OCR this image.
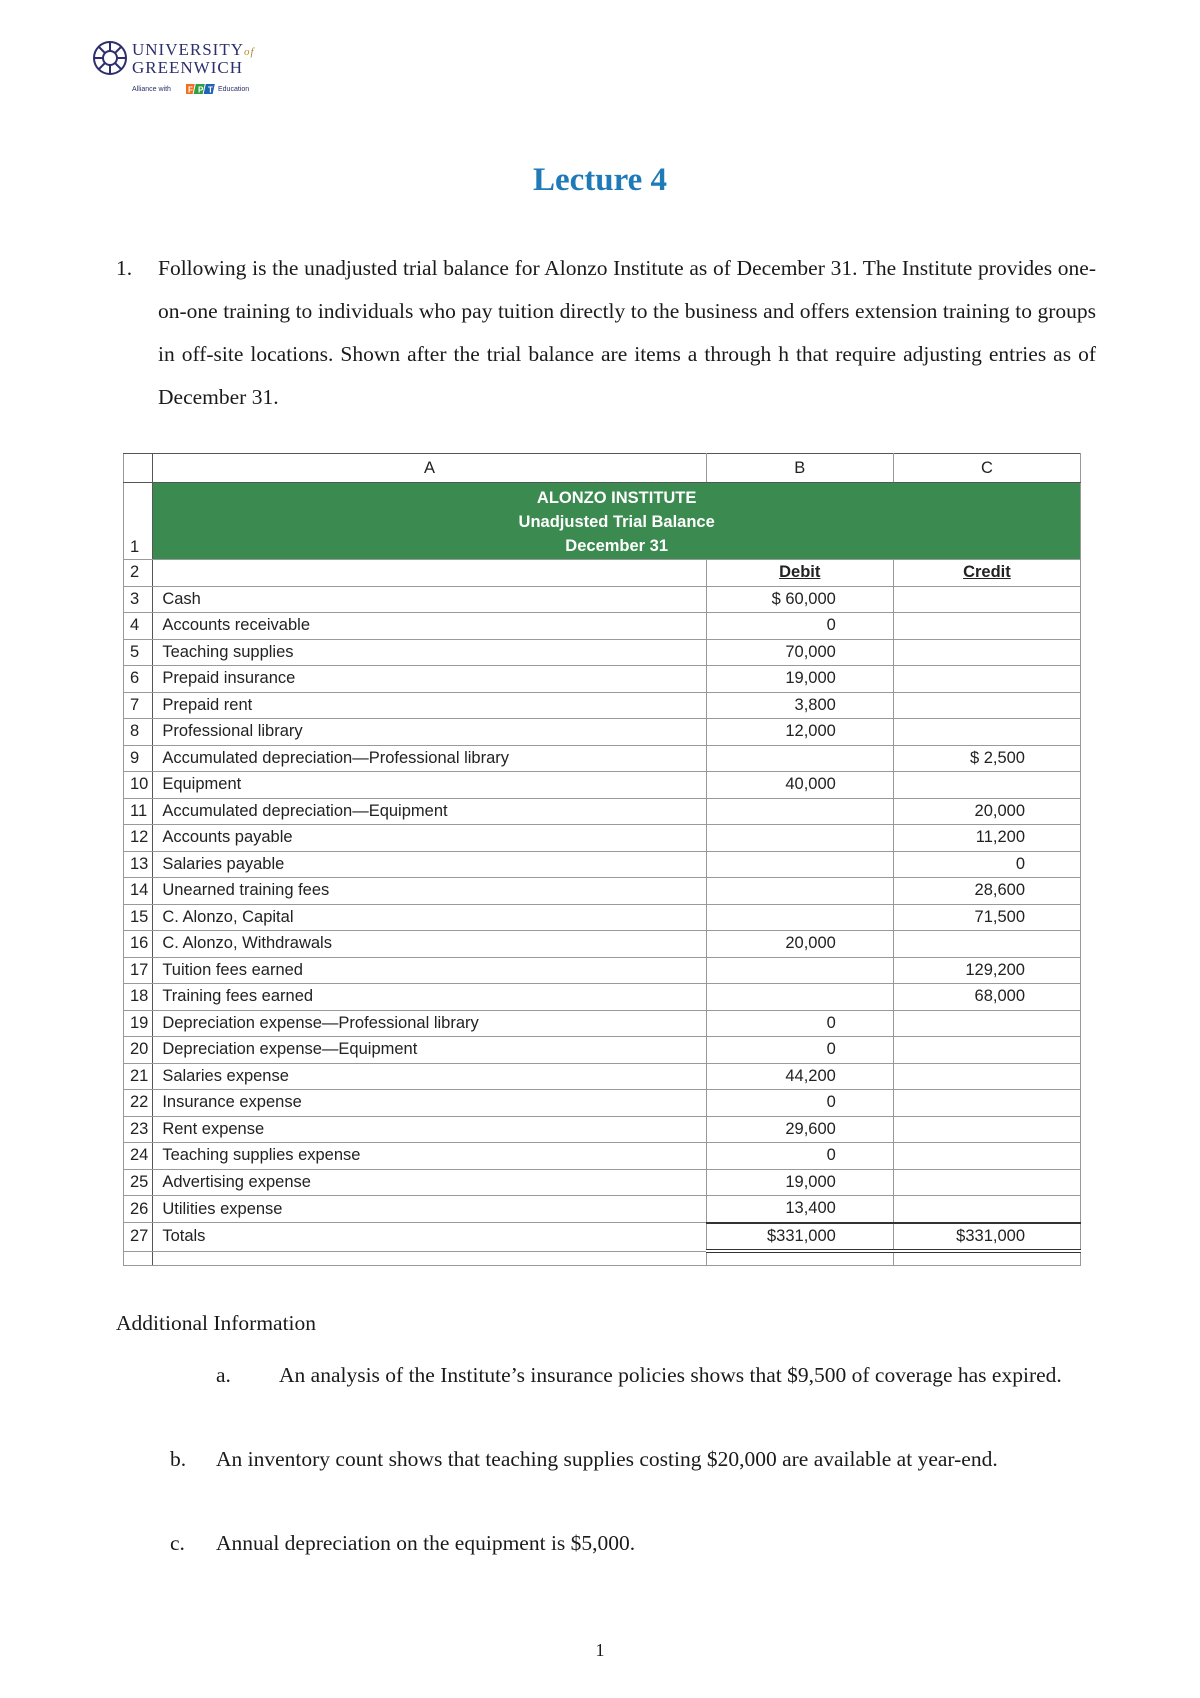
UNIVERSITYof
GREENWICH
Alliance with F P T Education
Lecture 4
1. Following is the unadjusted trial balance for Alonzo Institute as of December 31. The Institute provides one-on-one training to individuals who pay tuition directly to the business and offers extension training to groups in off-site locations. Shown after the trial balance are items a through h that require adjusting entries as of December 31.
	A	B	C
1	ALONZO INSTITUTE
Unadjusted Trial Balance
December 31		

2		Debit	Credit
3	Cash	$ 60,000	
4	Accounts receivable	0	
5	Teaching supplies	70,000	
6	Prepaid insurance	19,000	
7	Prepaid rent	3,800	
8	Professional library	12,000	
9	Accumulated depreciation—Professional library		$ 2,500
10	Equipment	40,000	
11	Accumulated depreciation—Equipment		20,000
12	Accounts payable		11,200
13	Salaries payable		0
14	Unearned training fees		28,600
15	C. Alonzo, Capital		71,500
16	C. Alonzo, Withdrawals	20,000	
17	Tuition fees earned		129,200
18	Training fees earned		68,000
19	Depreciation expense—Professional library	0	
20	Depreciation expense—Equipment	0	
21	Salaries expense	44,200	
22	Insurance expense	0	
23	Rent expense	29,600	
24	Teaching supplies expense	0	
25	Advertising expense	19,000	
26	Utilities expense	13,400	
27	Totals	$331,000	$331,000

Additional Information
a. An analysis of the Institute’s insurance policies shows that $9,500 of coverage has expired.
b. An inventory count shows that teaching supplies costing $20,000 are available at year-end.
c. Annual depreciation on the equipment is $5,000.
1
